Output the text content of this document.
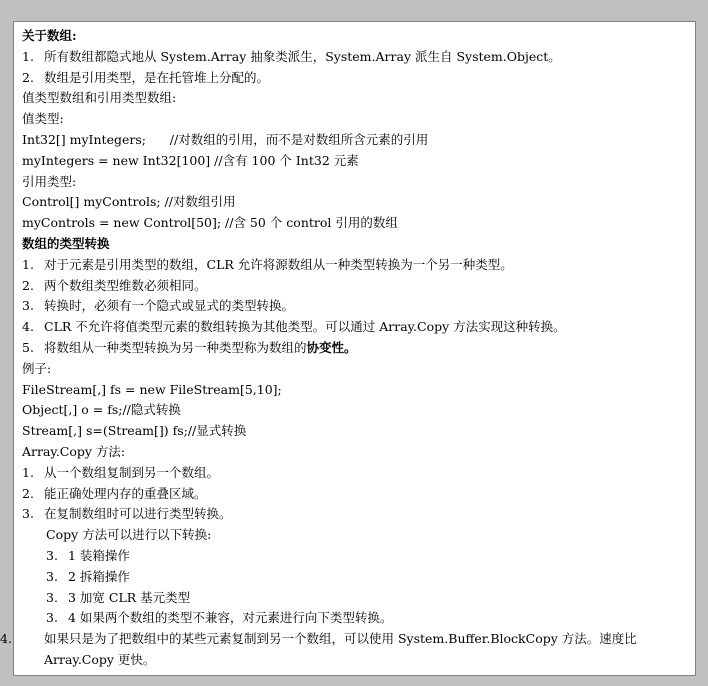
关于数组:
1. 所有数组都隐式地从 System.Array 抽象类派生，System.Array 派生自 System.Object。
2. 数组是引用类型，是在托管堆上分配的。
值类型数组和引用类型数组:
值类型:
Int32[] myIntegers;      //对数组的引用，而不是对数组所含元素的引用
myIntegers = new Int32[100] //含有 100 个 Int32 元素
引用类型:
Control[] myControls; //对数组引用
myControls = new Control[50]; //含 50 个 control 引用的数组
数组的类型转换
1. 对于元素是引用类型的数组，CLR 允许将源数组从一种类型转换为一个另一种类型。
2. 两个数组类型维数必须相同。
3. 转换时，必须有一个隐式或显式的类型转换。
4. CLR 不允许将值类型元素的数组转换为其他类型。可以通过 Array.Copy 方法实现这种转换。
5. 将数组从一种类型转换为另一种类型称为数组的协变性。
例子:
FileStream[,] fs = new FileStream[5,10];
Object[,] o = fs;//隐式转换
Stream[,] s=(Stream[]) fs;//显式转换
Array.Copy 方法:
1. 从一个数组复制到另一个数组。
2. 能正确处理内存的重叠区域。
3. 在复制数组时可以进行类型转换。
Copy 方法可以进行以下转换:
3. 1 装箱操作
3. 2 拆箱操作
3. 3 加宽 CLR 基元类型
3. 4 如果两个数组的类型不兼容，对元素进行向下类型转换。
4.	如果只是为了把数组中的某些元素复制到另一个数组，可以使用 System.Buffer.BlockCopy 方法。速度比 Array.Copy 更快。
